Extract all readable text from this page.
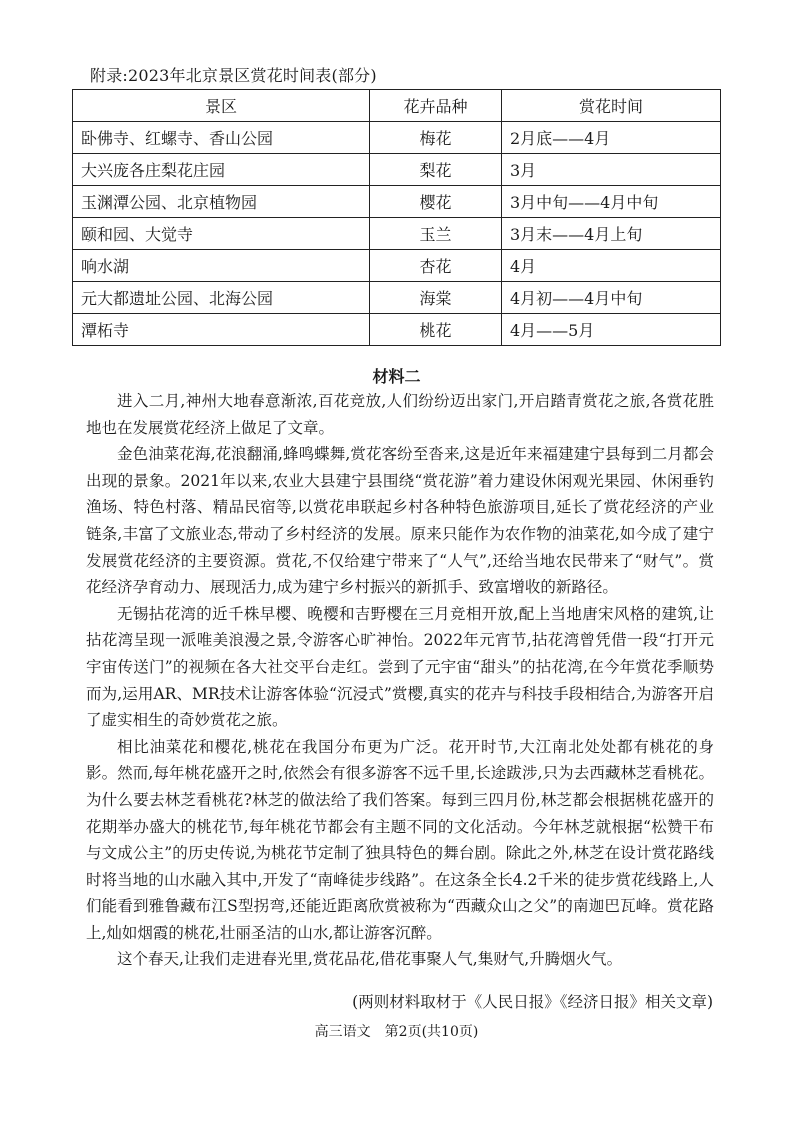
附录:2023年北京景区赏花时间表(部分)
景区	花卉品种	赏花时间
卧佛寺、红螺寺、香山公园	梅花	2月底——4月
大兴庞各庄梨花庄园	梨花	3月
玉渊潭公园、北京植物园	樱花	3月中旬——4月中旬
颐和园、大觉寺	玉兰	3月末——4月上旬
响水湖	杏花	4月
元大都遗址公园、北海公园	海棠	4月初——4月中旬
潭柘寺	桃花	4月——5月
材料二

进入二月,神州大地春意渐浓,百花竞放,人们纷纷迈出家门,开启踏青赏花之旅,各赏花胜地也在发展赏花经济上做足了文章。

金色油菜花海,花浪翻涌,蜂鸣蝶舞,赏花客纷至沓来,这是近年来福建建宁县每到二月都会出现的景象。2021年以来,农业大县建宁县围绕“赏花游”着力建设休闲观光果园、休闲垂钓渔场、特色村落、精品民宿等,以赏花串联起乡村各种特色旅游项目,延长了赏花经济的产业链条,丰富了文旅业态,带动了乡村经济的发展。原来只能作为农作物的油菜花,如今成了建宁发展赏花经济的主要资源。赏花,不仅给建宁带来了“人气”,还给当地农民带来了“财气”。赏花经济孕育动力、展现活力,成为建宁乡村振兴的新抓手、致富增收的新路径。

无锡拈花湾的近千株早樱、晚樱和吉野樱在三月竞相开放,配上当地唐宋风格的建筑,让拈花湾呈现一派唯美浪漫之景,令游客心旷神怡。2022年元宵节,拈花湾曾凭借一段“打开元宇宙传送门”的视频在各大社交平台走红。尝到了元宇宙“甜头”的拈花湾,在今年赏花季顺势而为,运用AR、MR技术让游客体验“沉浸式”赏樱,真实的花卉与科技手段相结合,为游客开启了虚实相生的奇妙赏花之旅。

相比油菜花和樱花,桃花在我国分布更为广泛。花开时节,大江南北处处都有桃花的身影。然而,每年桃花盛开之时,依然会有很多游客不远千里,长途跋涉,只为去西藏林芝看桃花。为什么要去林芝看桃花?林芝的做法给了我们答案。每到三四月份,林芝都会根据桃花盛开的花期举办盛大的桃花节,每年桃花节都会有主题不同的文化活动。今年林芝就根据“松赞干布与文成公主”的历史传说,为桃花节定制了独具特色的舞台剧。除此之外,林芝在设计赏花路线时将当地的山水融入其中,开发了“南峰徒步线路”。在这条全长4.2千米的徒步赏花线路上,人们能看到雅鲁藏布江S型拐弯,还能近距离欣赏被称为“西藏众山之父”的南迦巴瓦峰。赏花路上,灿如烟霞的桃花,壮丽圣洁的山水,都让游客沉醉。

这个春天,让我们走进春光里,赏花品花,借花事聚人气,集财气,升腾烟火气。

(两则材料取材于《人民日报》《经济日报》相关文章)
高三语文　第2页(共10页)
